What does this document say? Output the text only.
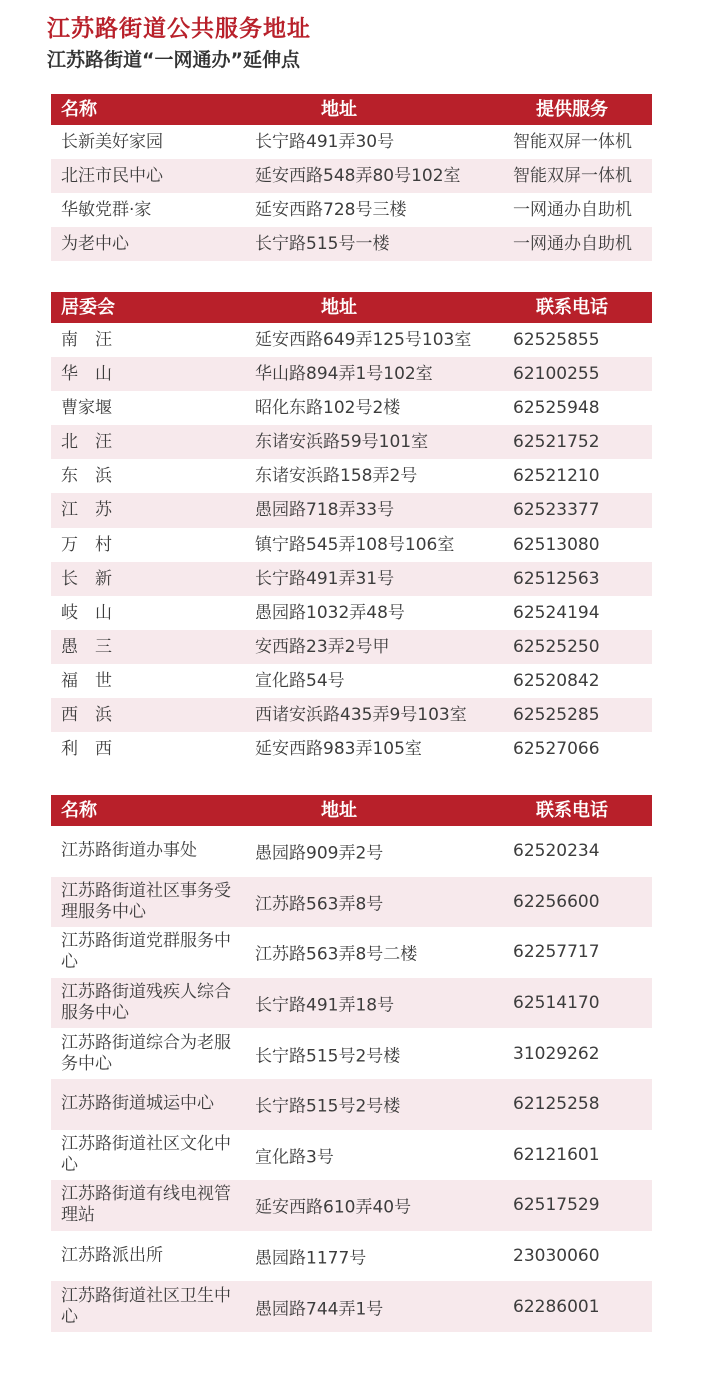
江苏路街道公共服务地址
江苏路街道“一网通办”延伸点
名称	地址	提供服务
长新美好家园	长宁路491弄30号	智能双屏一体机
北汪市民中心	延安西路548弄80号102室	智能双屏一体机
华敏党群·家	延安西路728号三楼	一网通办自助机
为老中心	长宁路515号一楼	一网通办自助机
居委会	地址	联系电话
南　汪	延安西路649弄125号103室 62525855
华　山	华山路894弄1号102室	62100255
曹家堰	昭化东路102号2楼	62525948
北　汪	东诸安浜路59号101室	62521752
东　浜	东诸安浜路158弄2号	62521210
江　苏	愚园路718弄33号	62523377
万　村	镇宁路545弄108号106室	62513080
长　新	长宁路491弄31号	62512563
岐　山	愚园路1032弄48号	62524194
愚　三	安西路23弄2号甲	62525250
福　世	宣化路54号	62520842
西　浜	西诸安浜路435弄9号103室	62525285
利　西	延安西路983弄105室	62527066
名称	地址	联系电话
江苏路街道办事处	愚园路909弄2号	62520234
江苏路街道社区事务受理服务中心	江苏路563弄8号	62256600
江苏路街道党群服务中心	江苏路563弄8号二楼	62257717
江苏路街道残疾人综合服务中心	长宁路491弄18号	62514170
江苏路街道综合为老服务中心	长宁路515号2号楼	31029262
江苏路街道城运中心	长宁路515号2号楼	62125258
江苏路街道社区文化中心	宣化路3号	62121601
江苏路街道有线电视管理站	延安西路610弄40号	62517529
江苏路派出所	愚园路1177号	23030060
江苏路街道社区卫生中心	愚园路744弄1号	62286001
